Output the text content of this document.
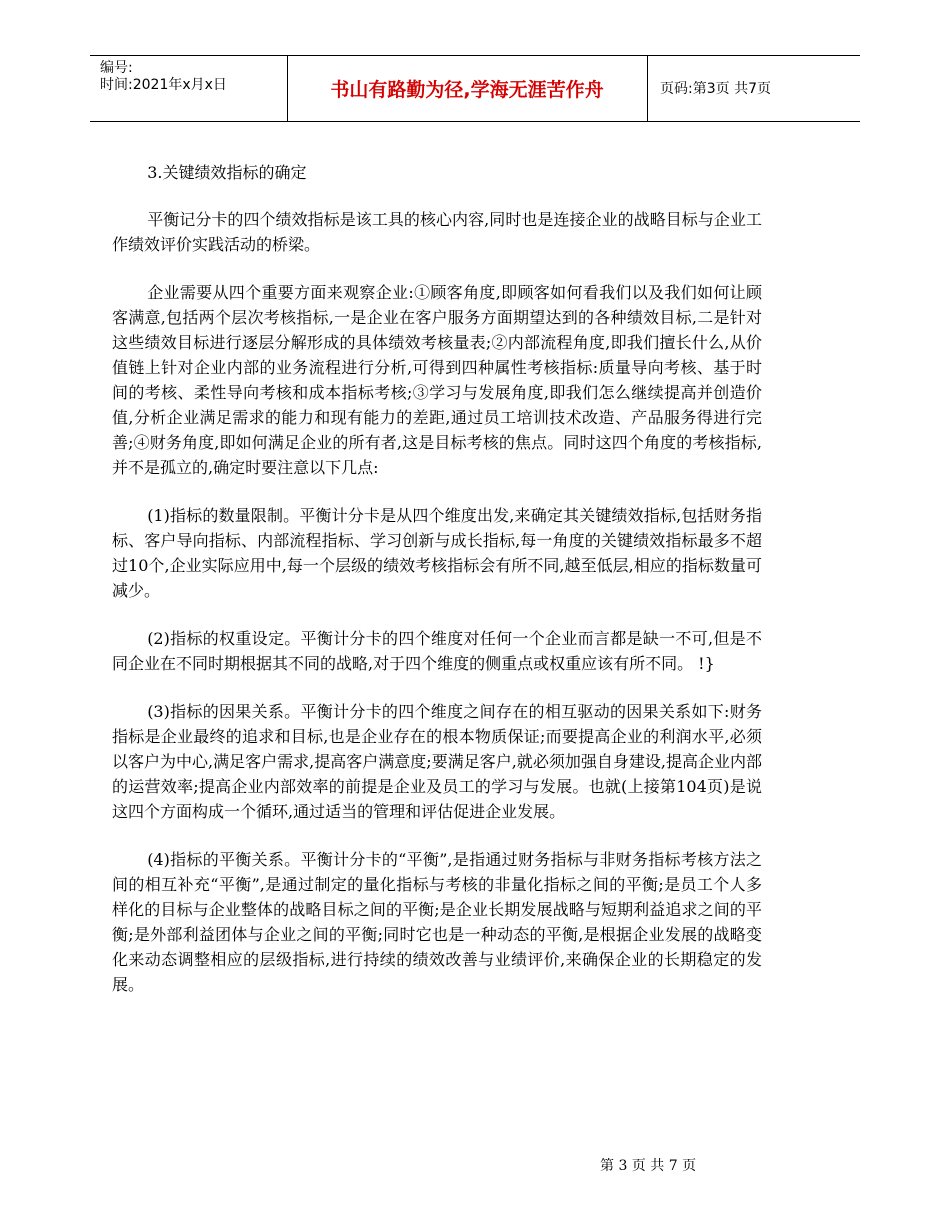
编号:
时间:2021年x月x日	书山有路勤为径,学海无涯苦作舟	页码:第3页 共7页

3.关键绩效指标的确定

平衡记分卡的四个绩效指标是该工具的核心内容,同时也是连接企业的战略目标与企业工作绩效评价实践活动的桥梁。

企业需要从四个重要方面来观察企业:①顾客角度,即顾客如何看我们以及我们如何让顾客满意,包括两个层次考核指标,一是企业在客户服务方面期望达到的各种绩效目标,二是针对这些绩效目标进行逐层分解形成的具体绩效考核量表;②内部流程角度,即我们擅长什么,从价值链上针对企业内部的业务流程进行分析,可得到四种属性考核指标:质量导向考核、基于时间的考核、柔性导向考核和成本指标考核;③学习与发展角度,即我们怎么继续提高并创造价值,分析企业满足需求的能力和现有能力的差距,通过员工培训技术改造、产品服务得进行完善;④财务角度,即如何满足企业的所有者,这是目标考核的焦点。同时这四个角度的考核指标,并不是孤立的,确定时要注意以下几点:

(1)指标的数量限制。平衡计分卡是从四个维度出发,来确定其关键绩效指标,包括财务指标、客户导向指标、内部流程指标、学习创新与成长指标,每一角度的关键绩效指标最多不超过10个,企业实际应用中,每一个层级的绩效考核指标会有所不同,越至低层,相应的指标数量可减少。

(2)指标的权重设定。平衡计分卡的四个维度对任何一个企业而言都是缺一不可,但是不同企业在不同时期根据其不同的战略,对于四个维度的侧重点或权重应该有所不同。 !}

(3)指标的因果关系。平衡计分卡的四个维度之间存在的相互驱动的因果关系如下:财务指标是企业最终的追求和目标,也是企业存在的根本物质保证;而要提高企业的利润水平,必须以客户为中心,满足客户需求,提高客户满意度;要满足客户,就必须加强自身建设,提高企业内部的运营效率;提高企业内部效率的前提是企业及员工的学习与发展。也就(上接第104页)是说这四个方面构成一个循环,通过适当的管理和评估促进企业发展。

(4)指标的平衡关系。平衡计分卡的“平衡”,是指通过财务指标与非财务指标考核方法之间的相互补充“平衡”,是通过制定的量化指标与考核的非量化指标之间的平衡;是员工个人多样化的目标与企业整体的战略目标之间的平衡;是企业长期发展战略与短期利益追求之间的平衡;是外部利益团体与企业之间的平衡;同时它也是一种动态的平衡,是根据企业发展的战略变化来动态调整相应的层级指标,进行持续的绩效改善与业绩评价,来确保企业的长期稳定的发展。

第 3 页 共 7 页
